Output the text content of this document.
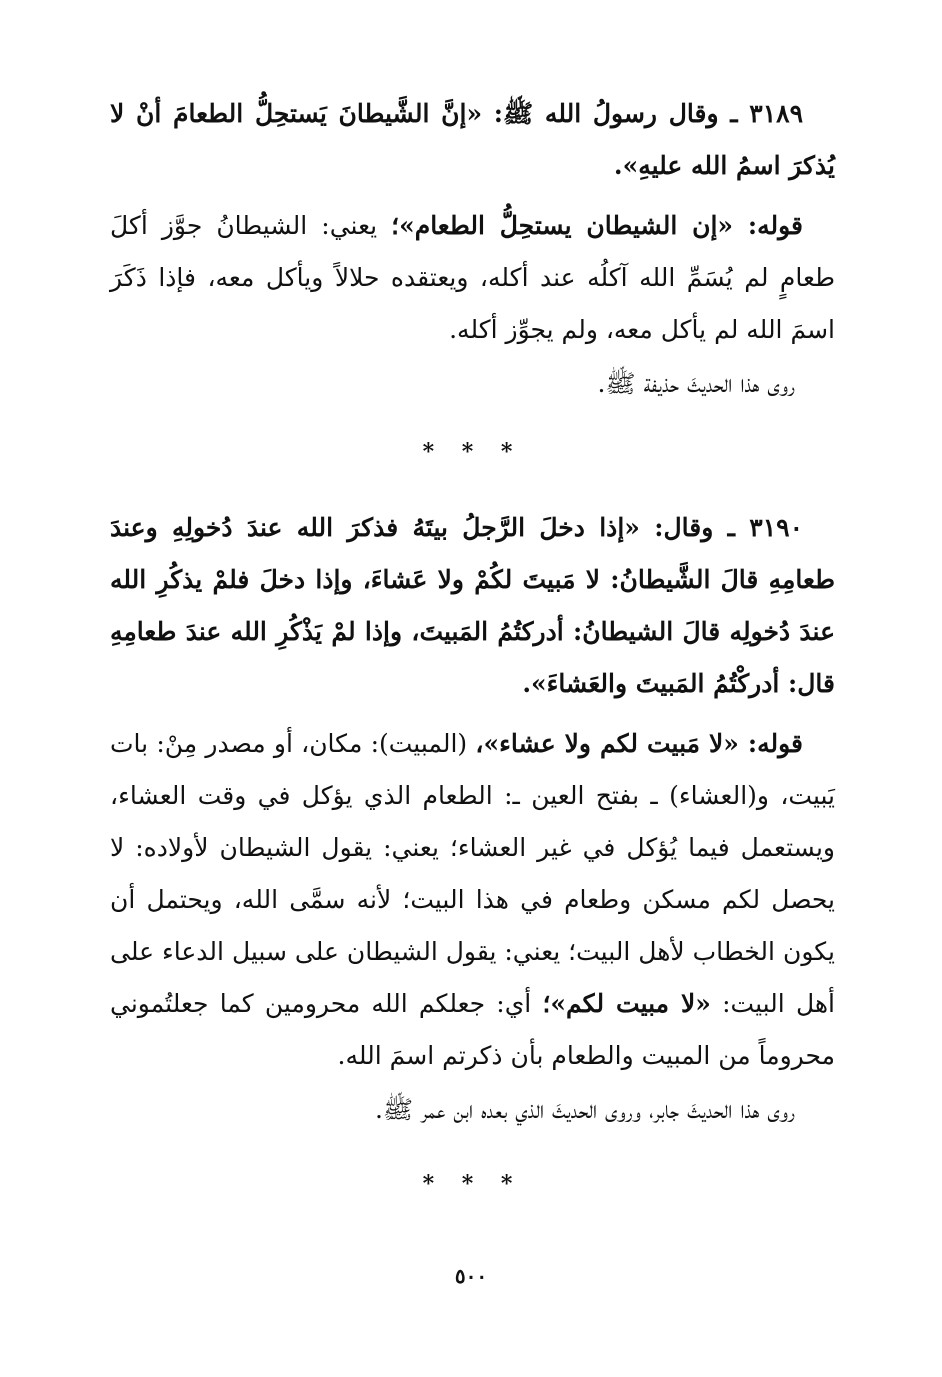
٣١٨٩ ـ وقال رسولُ الله ﷺ: «إنَّ الشَّيطانَ يَستحِلُّ الطعامَ أنْ لا يُذكرَ اسمُ الله عليهِ».

قوله: «إن الشيطان يستحِلُّ الطعام»؛ يعني: الشيطانُ جوَّز أكلَ طعامٍ لم يُسَمِّ الله آكلُه عند أكله، ويعتقده حلالاً ويأكل معه، فإذا ذَكَرَ اسمَ الله لم يأكل معه، ولم يجوِّز أكله.

روى هذا الحديثَ حذيفة ﷺ.

* * *

٣١٩٠ ـ وقال: «إذا دخلَ الرَّجلُ بيتَهُ فذكرَ الله عندَ دُخولِهِ وعندَ طعامِهِ قالَ الشَّيطانُ: لا مَبيتَ لكُمْ ولا عَشاءَ، وإذا دخلَ فلمْ يذكُرِ الله عندَ دُخولِه قالَ الشيطانُ: أدركتُمُ المَبيتَ، وإذا لمْ يَذْكُرِ الله عندَ طعامِهِ قال: أدركْتُمُ المَبيتَ والعَشاءَ».

قوله: «لا مَبيت لكم ولا عشاء»، (المبيت): مكان، أو مصدر مِنْ: بات يَبيت، و(العشاء) ـ بفتح العين ـ: الطعام الذي يؤكل في وقت العشاء، ويستعمل فيما يُؤكل في غير العشاء؛ يعني: يقول الشيطان لأولاده: لا يحصل لكم مسكن وطعام في هذا البيت؛ لأنه سمَّى الله، ويحتمل أن يكون الخطاب لأهل البيت؛ يعني: يقول الشيطان على سبيل الدعاء على أهل البيت: «لا مبيت لكم»؛ أي: جعلكم الله محرومين كما جعلتُموني محروماً من المبيت والطعام بأن ذكرتم اسمَ الله.

روى هذا الحديثَ جابر، وروى الحديثَ الذي بعده ابن عمر ﷺ.

* * *
٥٠٠
